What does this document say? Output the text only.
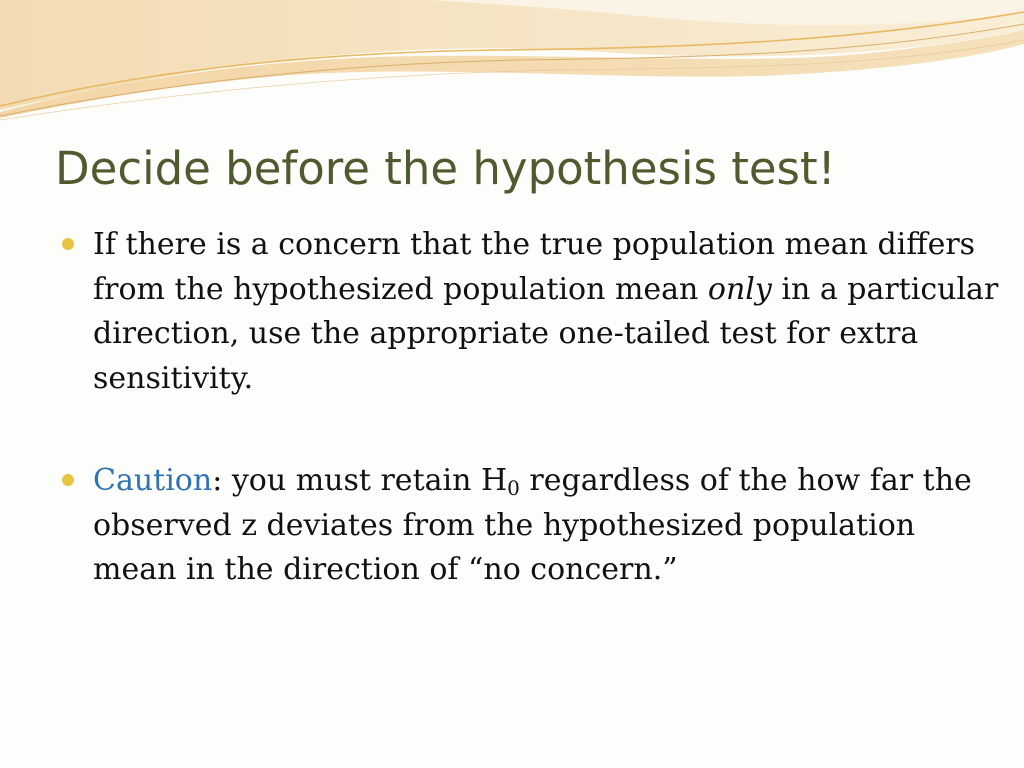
Decide before the hypothesis test!
If there is a concern that the true population mean differs from the hypothesized population mean only in a particular direction, use the appropriate one-tailed test for extra sensitivity.
Caution: you must retain $H_0$ regardless of the how far the observed z deviates from the hypothesized population mean in the direction of “no concern.”
